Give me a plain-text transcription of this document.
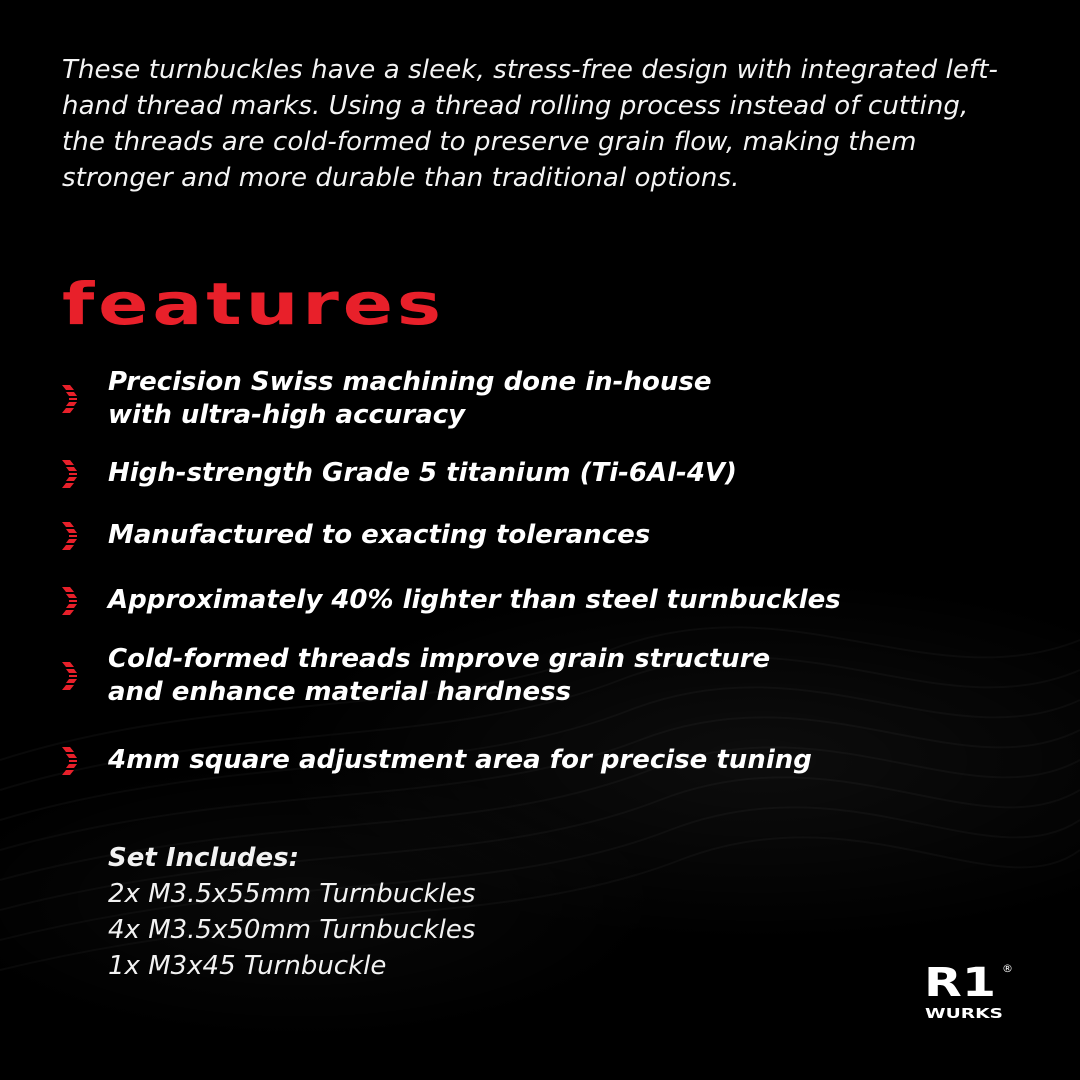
These turnbuckles have a sleek, stress-free design with integrated left-hand thread marks. Using a thread rolling process instead of cutting, the threads are cold-formed to preserve grain flow, making them stronger and more durable than traditional options.

features
Precision Swiss machining done in-house
with ultra-high accuracy
High-strength Grade 5 titanium (Ti-6Al-4V)
Manufactured to exacting tolerances
Approximately 40% lighter than steel turnbuckles
Cold-formed threads improve grain structure
and enhance material hardness
4mm square adjustment area for precise tuning
Set Includes:
2x M3.5x55mm Turnbuckles
4x M3.5x50mm Turnbuckles
1x M3x45 Turnbuckle	R1 ®
WURKS
